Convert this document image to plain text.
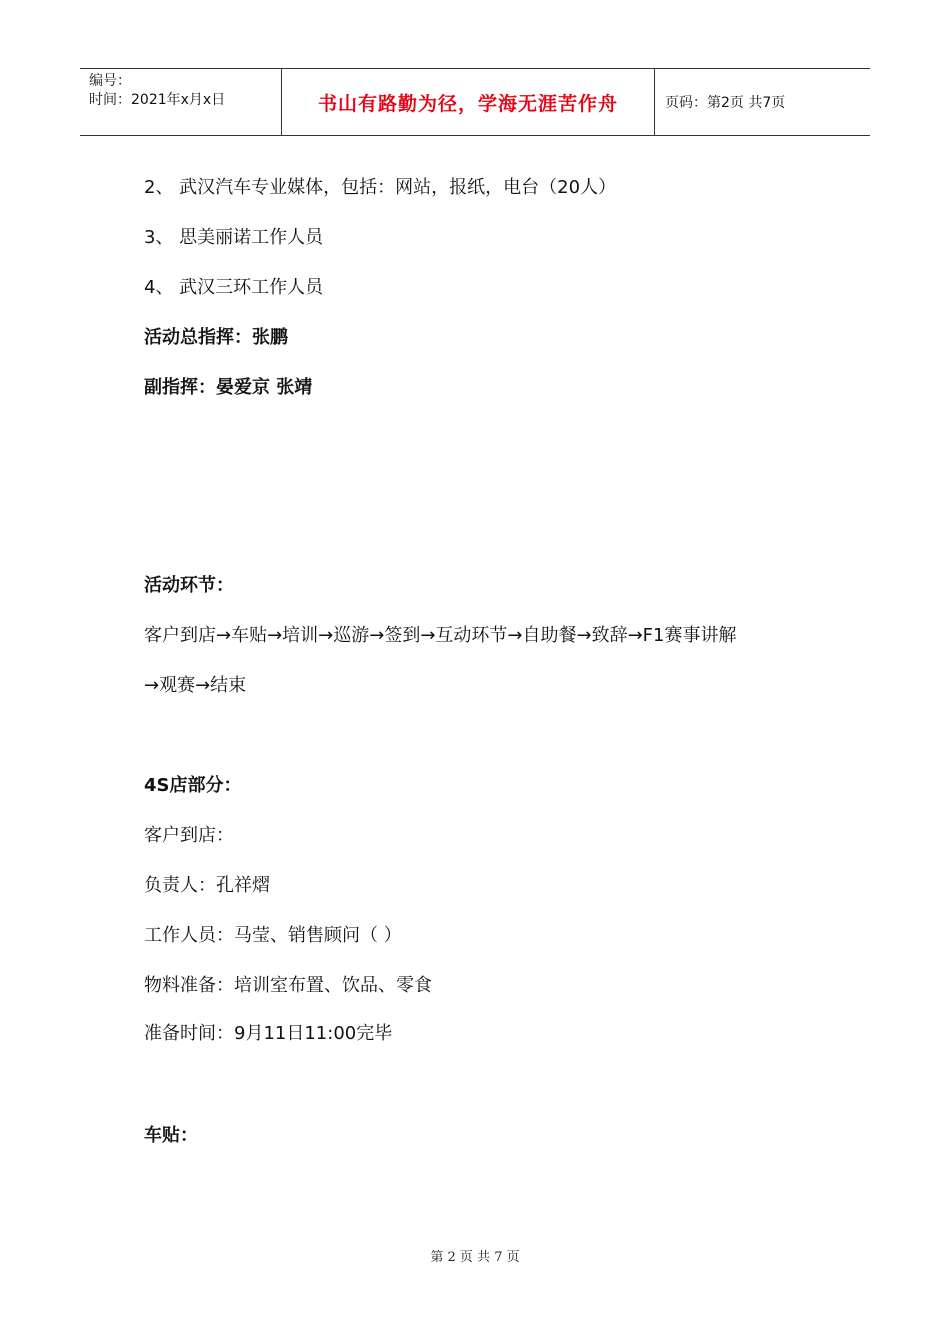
编号：
时间：2021年x月x日	书山有路勤为径，学海无涯苦作舟	页码：第2页 共7页
2、 武汉汽车专业媒体，包括：网站，报纸，电台（20人）
3、 思美丽诺工作人员
4、 武汉三环工作人员
活动总指挥：张鹏
副指挥：晏爱京 张靖
活动环节：
客户到店→车贴→培训→巡游→签到→互动环节→自助餐→致辞→F1赛事讲解
→观赛→结束
4S店部分：
客户到店：
负责人：孔祥熠
工作人员：马莹、销售顾问（ ）
物料准备：培训室布置、饮品、零食
准备时间：9月11日11:00完毕
车贴：
第 2 页 共 7 页
